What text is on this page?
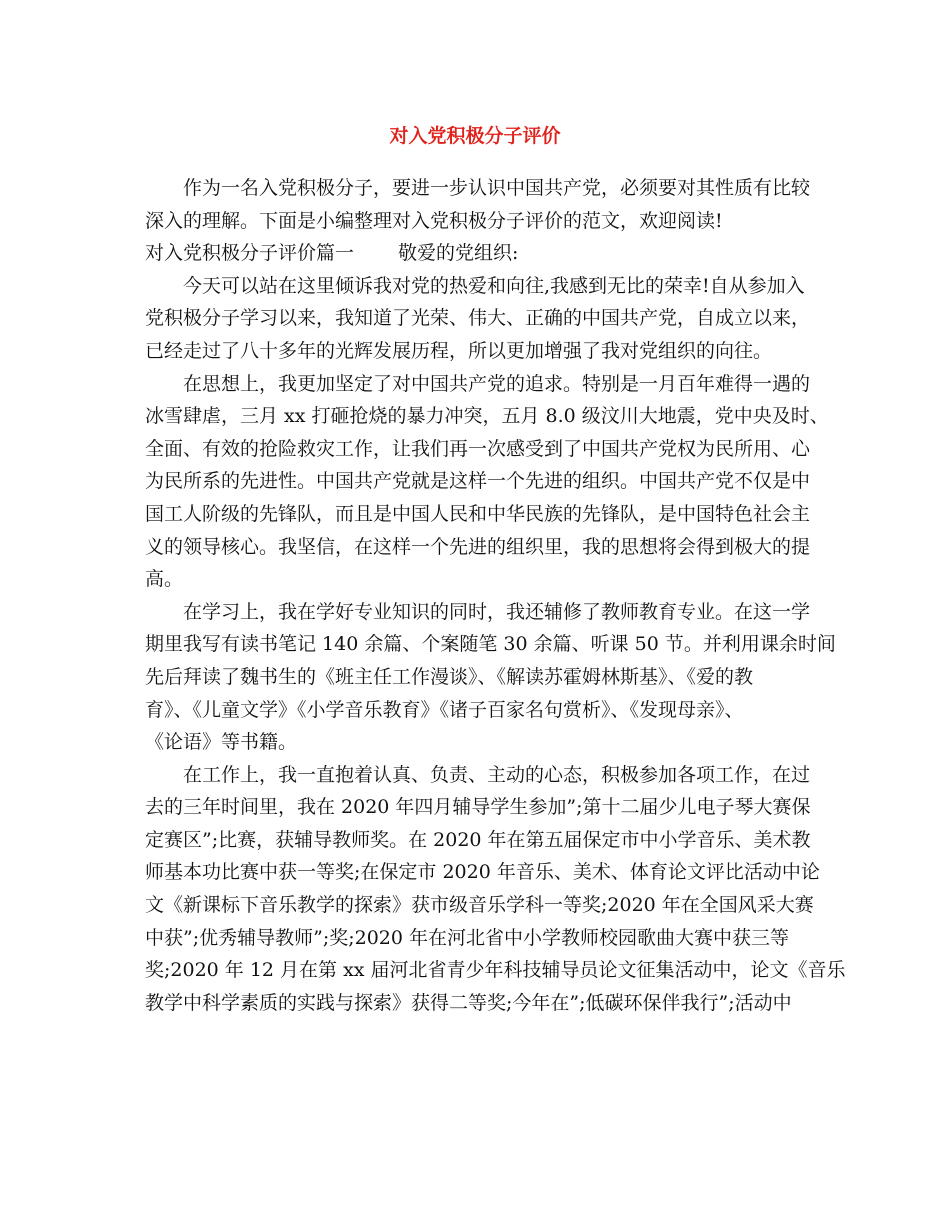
对入党积极分子评价
作为一名入党积极分子，要进一步认识中国共产党，必须要对其性质有比较
深入的理解。下面是小编整理对入党积极分子评价的范文，欢迎阅读!
对入党积极分子评价篇一 敬爱的党组织:
今天可以站在这里倾诉我对党的热爱和向往,我感到无比的荣幸!自从参加入
党积极分子学习以来，我知道了光荣、伟大、正确的中国共产党，自成立以来，
已经走过了八十多年的光辉发展历程，所以更加增强了我对党组织的向往。
在思想上，我更加坚定了对中国共产党的追求。特别是一月百年难得一遇的
冰雪肆虐，三月 xx 打砸抢烧的暴力冲突，五月 8.0 级汶川大地震，党中央及时、
全面、有效的抢险救灾工作，让我们再一次感受到了中国共产党权为民所用、心
为民所系的先进性。中国共产党就是这样一个先进的组织。中国共产党不仅是中
国工人阶级的先锋队，而且是中国人民和中华民族的先锋队，是中国特色社会主
义的领导核心。我坚信，在这样一个先进的组织里，我的思想将会得到极大的提
高。
在学习上，我在学好专业知识的同时，我还辅修了教师教育专业。在这一学
期里我写有读书笔记 140 余篇、个案随笔 30 余篇、听课 50 节。并利用课余时间
先后拜读了魏书生的《班主任工作漫谈》、《解读苏霍姆林斯基》、《爱的教
育》、《儿童文学》《小学音乐教育》《诸子百家名句赏析》、《发现母亲》、
《论语》等书籍。
在工作上，我一直抱着认真、负责、主动的心态，积极参加各项工作，在过
去的三年时间里，我在 2020 年四月辅导学生参加”;第十二届少儿电子琴大赛保
定赛区”;比赛，获辅导教师奖。在 2020 年在第五届保定市中小学音乐、美术教
师基本功比赛中获一等奖;在保定市 2020 年音乐、美术、体育论文评比活动中论
文《新课标下音乐教学的探索》获市级音乐学科一等奖;2020 年在全国风采大赛
中获”;优秀辅导教师”;奖;2020 年在河北省中小学教师校园歌曲大赛中获三等
奖;2020 年 12 月在第 xx 届河北省青少年科技辅导员论文征集活动中，论文《音乐
教学中科学素质的实践与探索》获得二等奖;今年在”;低碳环保伴我行”;活动中
